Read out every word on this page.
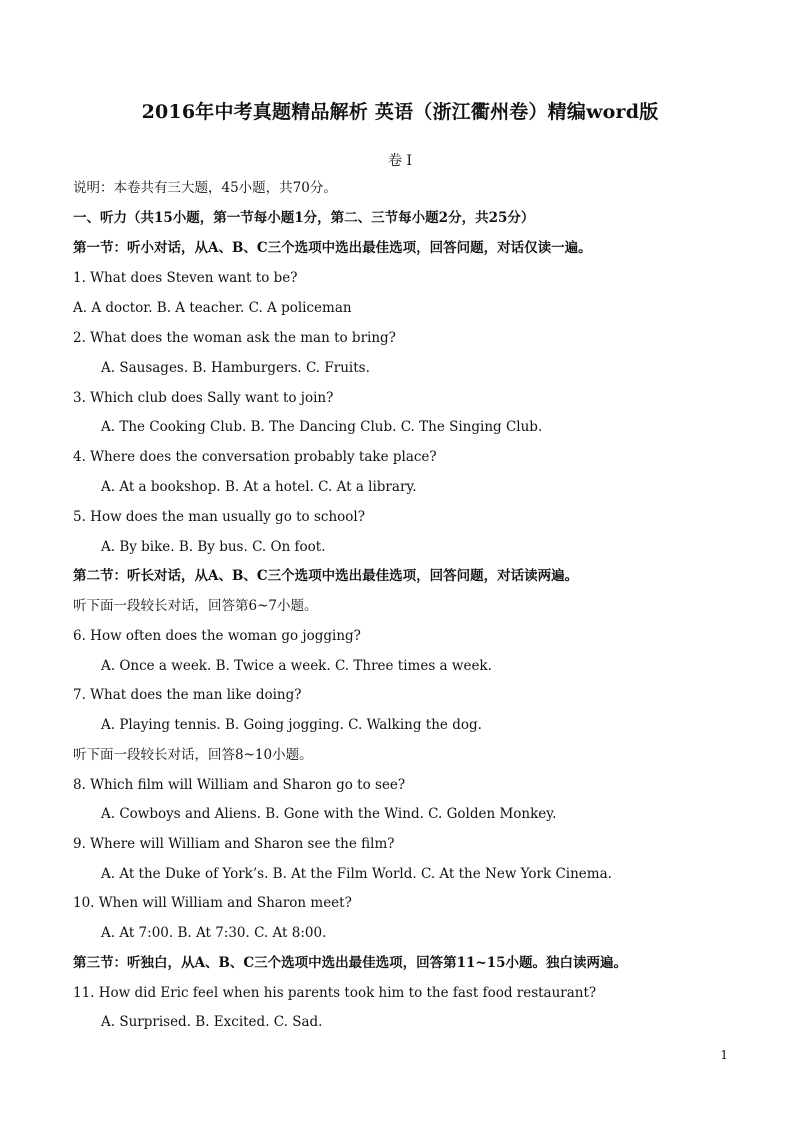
2016年中考真题精品解析 英语（浙江衢州卷）精编word版
卷 I
说明：本卷共有三大题，45小题，共70分。
一、听力（共15小题，第一节每小题1分，第二、三节每小题2分，共25分）
第一节：听小对话，从A、B、C三个选项中选出最佳选项，回答问题，对话仅读一遍。
1. What does Steven want to be?
A. A doctor. B. A teacher. C. A policeman
2. What does the woman ask the man to bring?
A. Sausages. B. Hamburgers. C. Fruits.
3. Which club does Sally want to join?
A. The Cooking Club. B. The Dancing Club. C. The Singing Club.
4. Where does the conversation probably take place?
A. At a bookshop. B. At a hotel. C. At a library.
5. How does the man usually go to school?
A. By bike. B. By bus. C. On foot.
第二节：听长对话，从A、B、C三个选项中选出最佳选项，回答问题，对话读两遍。
听下面一段较长对话，回答第6~7小题。
6. How often does the woman go jogging?
A. Once a week. B. Twice a week. C. Three times a week.
7. What does the man like doing?
A. Playing tennis. B. Going jogging. C. Walking the dog.
听下面一段较长对话，回答8~10小题。
8. Which film will William and Sharon go to see?
A. Cowboys and Aliens. B. Gone with the Wind. C. Golden Monkey.
9. Where will William and Sharon see the film?
A. At the Duke of York’s. B. At the Film World. C. At the New York Cinema.
10. When will William and Sharon meet?
A. At 7:00. B. At 7:30. C. At 8:00.
第三节：听独白，从A、B、C三个选项中选出最佳选项，回答第11~15小题。独白读两遍。
11. How did Eric feel when his parents took him to the fast food restaurant?
A. Surprised. B. Excited. C. Sad.
1
